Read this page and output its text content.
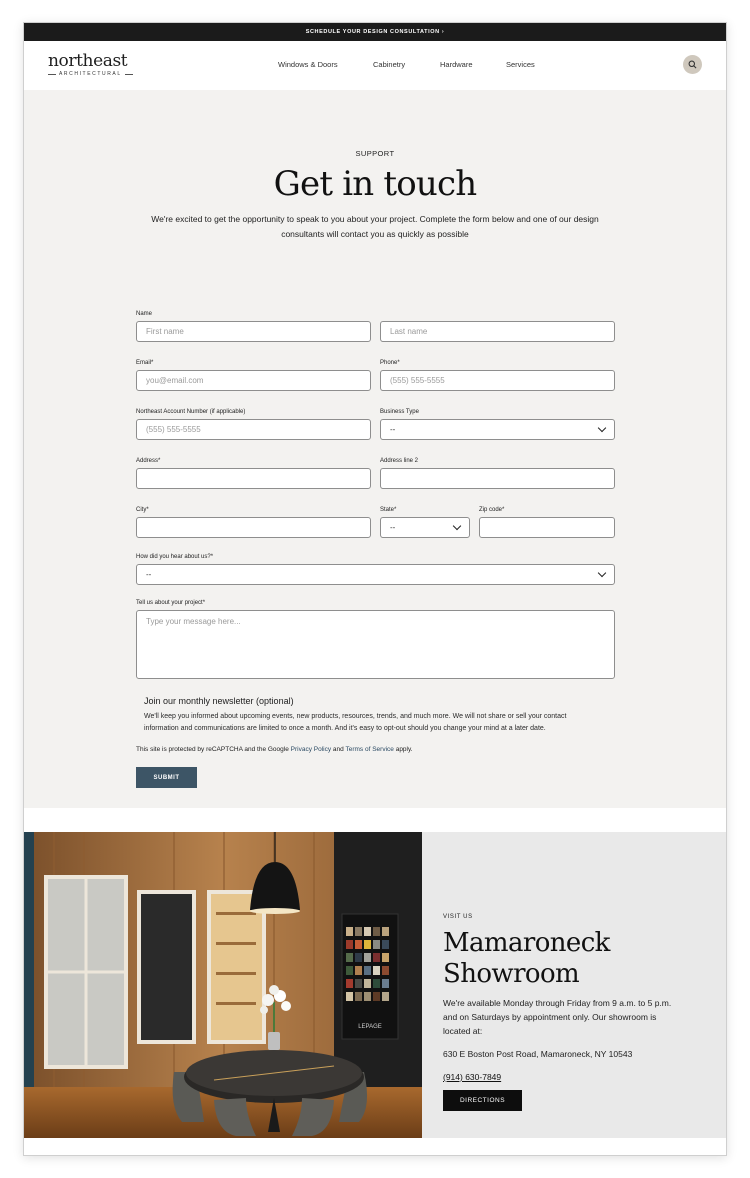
SCHEDULE YOUR DESIGN CONSULTATION ›
northeast
ARCHITECTURAL
Windows & Doors	Cabinetry	Hardware	Services
SUPPORT
Get in touch
We're excited to get the opportunity to speak to you about your project. Complete the form below and one of our design
consultants will contact you as quickly as possible
Name
First name	Last name
Email*
you@email.com
Phone*
(555) 555-5555
Northeast Account Number (if applicable)
(555) 555-5555
Business Type
--
Address*	Address line 2
City*	State*
--
Zip code*
How did you hear about us?*
--
Tell us about your project*
Type your message here...
Join our monthly newsletter (optional)
We'll keep you informed about upcoming events, new products, resources, trends, and much more. We will not share or sell your contact
information and communications are limited to once a month. And it's easy to opt-out should you change your mind at a later date.
This site is protected by reCAPTCHA and the Google Privacy Policy and Terms of Service apply.
SUBMIT
LEPAGE
VISIT US
Mamaroneck
Showroom
We're available Monday through Friday from 9 a.m. to 5 p.m. and on Saturdays by appointment only. Our showroom is located at:
630 E Boston Post Road, Mamaroneck, NY 10543
(914) 630-7849
DIRECTIONS
